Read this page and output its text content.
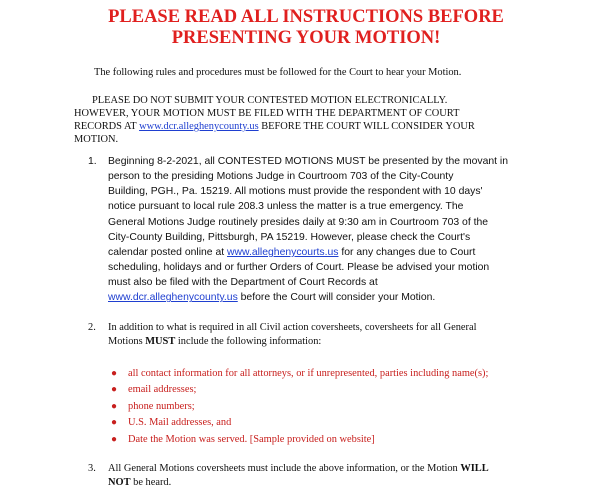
PLEASE READ ALL INSTRUCTIONS BEFORE
PRESENTING YOUR MOTION!

The following rules and procedures must be followed for the Court to hear your Motion.

PLEASE DO NOT SUBMIT YOUR CONTESTED MOTION ELECTRONICALLY.
HOWEVER, YOUR MOTION MUST BE FILED WITH THE DEPARTMENT OF COURT
RECORDS AT www.dcr.alleghenycounty.us BEFORE THE COURT WILL CONSIDER YOUR
MOTION.

1. Beginning 8-2-2021, all CONTESTED MOTIONS MUST be presented by the movant in
person to the presiding Motions Judge in Courtroom 703 of the City-County
Building, PGH., Pa. 15219. All motions must provide the respondent with 10 days'
notice pursuant to local rule 208.3 unless the matter is a true emergency. The
General Motions Judge routinely presides daily at 9:30 am in Courtroom 703 of the
City-County Building, Pittsburgh, PA 15219. However, please check the Court's
calendar posted online at www.alleghenycourts.us for any changes due to Court
scheduling, holidays and or further Orders of Court. Please be advised your motion
must also be filed with the Department of Court Records at
www.dcr.alleghenycounty.us before the Court will consider your Motion.

2. In addition to what is required in all Civil action coversheets, coversheets for all General
Motions MUST include the following information:

● all contact information for all attorneys, or if unrepresented, parties including name(s);
● email addresses;
● phone numbers;
● U.S. Mail addresses, and
● Date the Motion was served. [Sample provided on website]
3. All General Motions coversheets must include the above information, or the Motion WILL
NOT be heard.
